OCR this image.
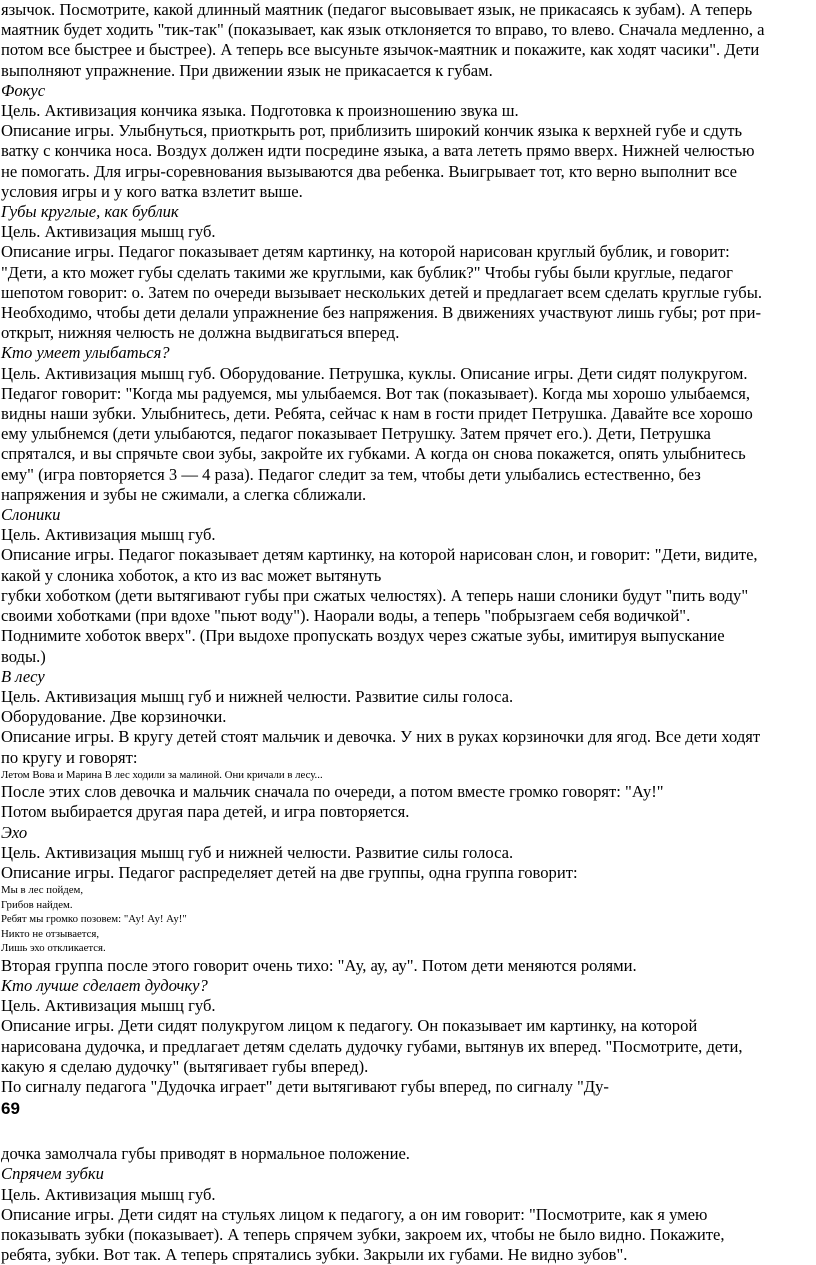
язычок. Посмотрите, какой длинный маятник (педагог высовывает язык, не прикасаясь к зубам). А теперь
маятник будет ходить "тик-так" (показывает, как язык отклоняется то вправо, то влево. Сначала медленно, а
потом все быстрее и быстрее). А теперь все высуньте язычок-маятник и покажите, как ходят часики". Дети
выполняют упражнение. При движении язык не прикасается к губам.
Фокус
Цель. Активизация кончика языка. Подготовка к произношению звука ш.
Описание игры. Улыбнуться, приоткрыть рот, приблизить широкий кончик языка к верхней губе и сдуть
ватку с кончика носа. Воздух должен идти посредине языка, а вата лететь прямо вверх. Нижней челюстью
не помогать. Для игры-соревнования вызываются два ребенка. Выигрывает тот, кто верно выполнит все
условия игры и у кого ватка взлетит выше.
Губы круглые, как бублик
Цель. Активизация мышц губ.
Описание игры. Педагог показывает детям картинку, на которой нарисован круглый бублик, и говорит:
"Дети, а кто может губы сделать такими же круглыми, как бублик?" Чтобы губы были круглые, педагог
шепотом говорит: о. Затем по очереди вызывает нескольких детей и предлагает всем сделать круглые губы.
Необходимо, чтобы дети делали упражнение без напряжения. В движениях участвуют лишь губы; рот при-
открыт, нижняя челюсть не должна выдвигаться вперед.
Кто умеет улыбаться?
Цель. Активизация мышц губ. Оборудование. Петрушка, куклы. Описание игры. Дети сидят полукругом.
Педагог говорит: "Когда мы радуемся, мы улыбаемся. Вот так (показывает). Когда мы хорошо улыбаемся,
видны наши зубки. Улыбнитесь, дети. Ребята, сейчас к нам в гости придет Петрушка. Давайте все хорошо
ему улыбнемся (дети улыбаются, педагог показывает Петрушку. Затем прячет его.). Дети, Петрушка
спрятался, и вы спрячьте свои зубы, закройте их губками. А когда он снова покажется, опять улыбнитесь
ему" (игра повторяется 3 — 4 раза). Педагог следит за тем, чтобы дети улыбались естественно, без
напряжения и зубы не сжимали, а слегка сближали.
Слоники
Цель. Активизация мышц губ.
Описание игры. Педагог показывает детям картинку, на которой нарисован слон, и говорит: "Дети, видите,
какой у слоника хоботок, а кто из вас может вытянуть
губки хоботком (дети вытягивают губы при сжатых челюстях). А теперь наши слоники будут "пить воду"
своими хоботками (при вдохе "пьют воду"). Наорали воды, а теперь "побрызгаем себя водичкой".
Поднимите хоботок вверх". (При выдохе пропускать воздух через сжатые зубы, имитируя выпускание
воды.)
В лесу
Цель. Активизация мышц губ и нижней челюсти. Развитие силы голоса.
Оборудование. Две корзиночки.
Описание игры. В кругу детей стоят мальчик и девочка. У них в руках корзиночки для ягод. Все дети ходят
по кругу и говорят:
Летом Вова и Марина В лес ходили за малиной. Они кричали в лесу...
После этих слов девочка и мальчик сначала по очереди, а потом вместе громко говорят: "Ау!"
Потом выбирается другая пара детей, и игра повторяется.
Эхо
Цель. Активизация мышц губ и нижней челюсти. Развитие силы голоса.
Описание игры. Педагог распределяет детей на две группы, одна группа говорит:
Мы в лес пойдем,
Грибов найдем.
Ребят мы громко позовем: "Ау! Ау! Ау!"
Никто не отзывается,
Лишь эхо откликается.
Вторая группа после этого говорит очень тихо: "Ау, ау, ау". Потом дети меняются ролями.
Кто лучше сделает дудочку?
Цель. Активизация мышц губ.
Описание игры. Дети сидят полукругом лицом к педагогу. Он показывает им картинку, на которой
нарисована дудочка, и предлагает детям сделать дудочку губами, вытянув их вперед. "Посмотрите, дети,
какую я сделаю дудочку" (вытягивает губы вперед).
По сигналу педагога "Дудочка играет" дети вытягивают губы вперед, по сигналу "Ду-
69
дочка замолчала губы приводят в нормальное положение.
Спрячем зубки
Цель. Активизация мышц губ.
Описание игры. Дети сидят на стульях лицом к педагогу, а он им говорит: "Посмотрите, как я умею
показывать зубки (показывает). А теперь спрячем зубки, закроем их, чтобы не было видно. Покажите,
ребята, зубки. Вот так. А теперь спрятались зубки. Закрыли их губами. Не видно зубов".
